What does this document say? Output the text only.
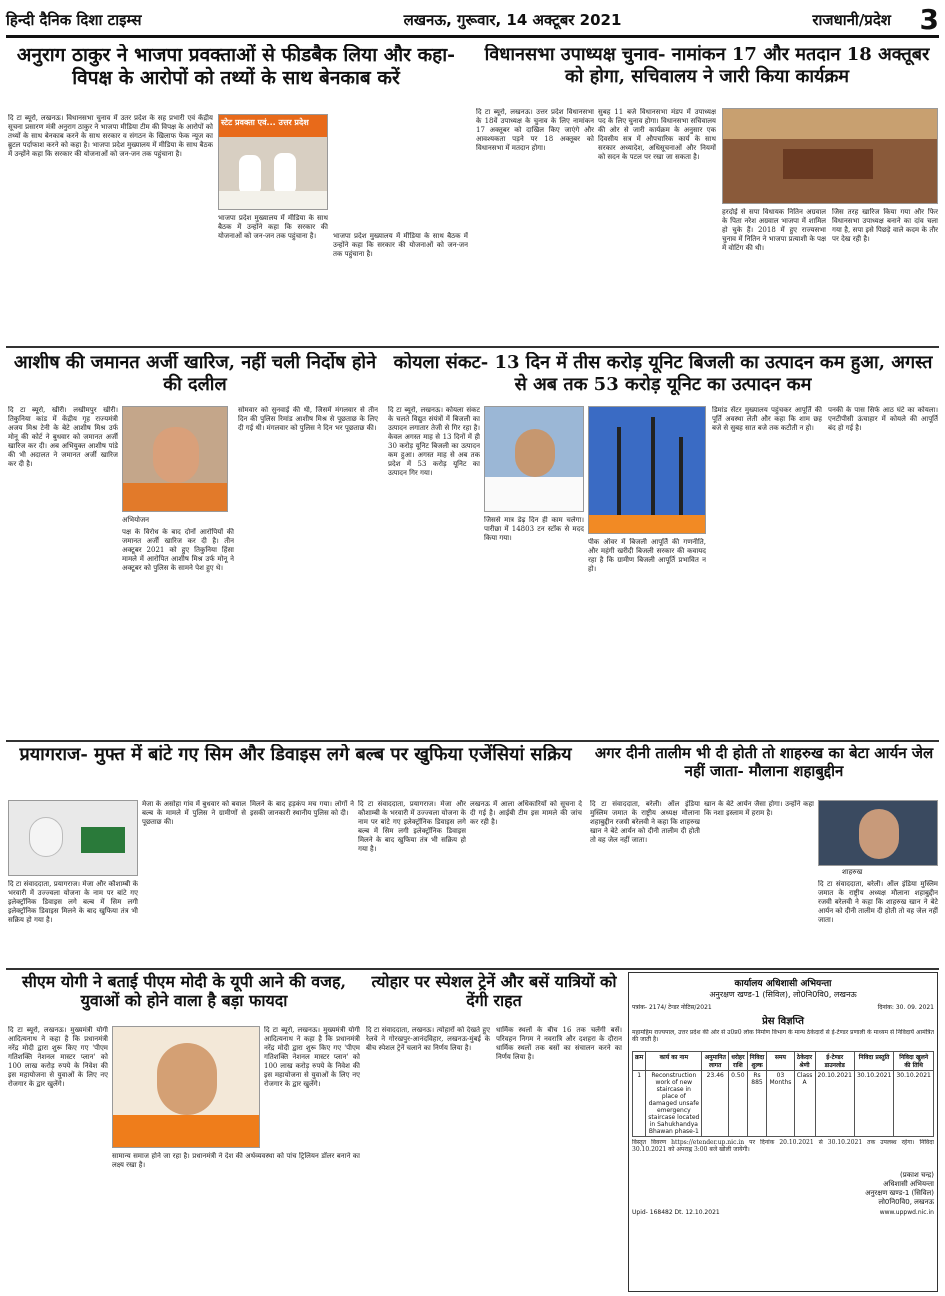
हिन्दी दैनिक दिशा टाइम्स	लखनऊ, गुरूवार, 14 अक्टूबर 2021	राजधानी/प्रदेश	3
अनुराग ठाकुर ने भाजपा प्रवक्ताओं से फीडबैक लिया और कहा- विपक्ष के आरोपों को तथ्यों के साथ बेनकाब करें
दि टा ब्यूरो, लखनऊ। विधानसभा चुनाव में उतर प्रदेश के सह प्रभारी एवं केंद्रीय सूचना प्रसारण मंत्री अनुराग ठाकुर ने भाजपा मीडिया टीम की विपक्ष के आरोपों को तथ्यों के साथ बेनकाब करने के साथ सरकार व संगठन के खिलाफ फेक न्यूज का ब्रुटल पर्दाफाश करने को कहा है। भाजपा प्रदेश मुख्यालय में मीडिया के साथ बैठक में उन्होंने कहा कि सरकार की योजनाओं को जन-जन तक पहुंचाना है।
स्टेट प्रवक्ता एवं... उत्तर प्रदेश
भाजपा प्रदेश मुख्यालय में मीडिया के साथ बैठक में उन्होंने कहा कि सरकार की योजनाओं को जन-जन तक पहुंचाना है।	भाजपा प्रदेश मुख्यालय में मीडिया के साथ बैठक में उन्होंने कहा कि सरकार की योजनाओं को जन-जन तक पहुंचाना है।
विधानसभा उपाध्यक्ष चुनाव- नामांकन 17 और मतदान 18 अक्तूबर को होगा, सचिवालय ने जारी किया कार्यक्रम
दि टा ब्यूरो, लखनऊ। उत्तर प्रदेश विधानसभा के 18वें उपाध्यक्ष के चुनाव के लिए नामांकन 17 अक्तूबर को दाखिल किए जाएंगे और आवश्यकता पड़ने पर 18 अक्तूबर को विधानसभा में मतदान होगा।
सुबह 11 बजे विधानसभा मंडप में उपाध्यक्ष पद के लिए चुनाव होगा। विधानसभा सचिवालय की ओर से जारी कार्यक्रम के अनुसार एक दिवसीय सत्र में औपचारिक कार्य के साथ सरकार अध्यादेश, अधिसूचनाओं और नियमों को सदन के पटल पर रखा जा सकता है।
हरदोई से सपा विधायक नितिन अग्रवाल के पिता नरेश अग्रवाल भाजपा में शामिल हो चुके हैं। 2018 में हुए राज्यसभा चुनाव में नितिन ने भाजपा प्रत्याशी के पक्ष में वोटिंग की थी।
जिस तरह खारिज किया गया और फिर विधानसभा उपाध्यक्ष बनाने का दांव चला गया है, सपा इसे पिछड़े वाले कदम के तौर पर देख रही है।
आशीष की जमानत अर्जी खारिज, नहीं चली निर्दोष होने की दलील
दि टा ब्यूरो, खीरी। लखीमपुर खीरी। तिकुनिया कांड में केंद्रीय गृह राज्यमंत्री अजय मिश्र टेनी के बेटे आशीष मिश्र उर्फ मोनू की कोर्ट ने बुधवार को जमानत अर्जी खारिज कर दी। अब अभियुक्त आशीष पांडे की भी अदालत ने जमानत अर्जी खारिज कर दी है।
अभियोजन
पक्ष के विरोध के बाद दोनों आरोपियों की जमानत अर्जी खारिज कर दी है। तीन अक्टूबर 2021 को हुए तिकुनिया हिंसा मामले में आरोपित आशीष मिश्र उर्फ मोनू ने अक्टूबर को पुलिस के सामने पेश हुए थे।
सोमवार को सुनवाई की थी, जिसमें मंगलवार से तीन दिन की पुलिस रिमांड आशीष मिश्र से पूछताछ के लिए दी गई थी। मंगलवार को पुलिस ने दिन भर पूछताछ की।
कोयला संकट- 13 दिन में तीस करोड़ यूनिट बिजली का उत्पादन कम हुआ, अगस्त से अब तक 53 करोड़ यूनिट का उत्पादन कम
दि टा ब्यूरो, लखनऊ। कोयला संकट के चलते विद्युत संयंत्रों में बिजली का उत्पादन लगातार तेजी से गिर रहा है। केवल अगस्त माह से 13 दिनों में ही 30 करोड़ यूनिट बिजली का उत्पादन कम हुआ। अगस्त माह से अब तक प्रदेश में 53 करोड़ यूनिट का उत्पादन गिर गया।
जिससे मात्र डेढ़ दिन ही काम चलेगा। पारीछा में 14803 टन स्टॉक से मदद किया गया।	पीक ऑवर में बिजली आपूर्ति की गणनीति, और महंगी खरीदी बिजली सरकार की कवायद रहा है कि ग्रामीण बिजली आपूर्ति प्रभावित न हो।
डिमांड सेंटर मुख्यालय पहुंचकर आपूर्ति की पूर्ति अवस्था लेती और कहा कि शाम छह बजे से सुबह सात बजे तक कटौती न हो।
पनकी के पास सिर्फ आठ घंटे का कोयला। एनटीपीसी ऊंचाहार में कोयले की आपूर्ति बंद हो गई है।
प्रयागराज- मुफ्त में बांटे गए सिम और डिवाइस लगे बल्ब पर खुफिया एजेंसियां सक्रिय
दि टा संवाददाता, प्रयागराज। मेजा और कौशाम्बी के भरवारी में उज्ज्वला योजना के नाम पर बांटे गए इलेक्ट्रॉनिक डिवाइस लगे बल्ब में सिम लगी इलेक्ट्रॉनिक डिवाइस मिलने के बाद खुफिया तंत्र भी सक्रिय हो गया है।
मेजा के असोहा गांव में बुधवार को बवाल बल्ब के मामले में पुलिस ने ग्रामीणों से पूछताछ की।
मिलने के बाद हड़कंप मच गया। लोगों ने इसकी जानकारी स्थानीय पुलिस को दी।
दि टा संवाददाता, प्रयागराज। मेजा और कौशाम्बी के भरवारी में उज्ज्वला योजना के नाम पर बांटे गए इलेक्ट्रॉनिक डिवाइस लगे बल्ब में सिम लगी इलेक्ट्रॉनिक डिवाइस मिलने के बाद खुफिया तंत्र भी सक्रिय हो गया है।
लखनऊ में आला अधिकारियों को सूचना दे दी गई है। आईबी टीम इस मामले की जांच कर रही है।
अगर दीनी तालीम भी दी होती तो शाहरुख का बेटा आर्यन जेल नहीं जाता- मौलाना शहाबुद्दीन
दि टा संवाददाता, बरेली। ऑल इंडिया मुस्लिम जमात के राष्ट्रीय अध्यक्ष मौलाना शहाबुद्दीन रजवी बरेलवी ने कहा कि शाहरुख खान ने बेटे आर्यन को दीनी तालीम दी होती तो वह जेल नहीं जाता।
खान के बेटे आर्यन जैसा होगा। उन्होंने कहा कि नशा इस्लाम में हराम है।
शाहरुख
दि टा संवाददाता, बरेली। ऑल इंडिया मुस्लिम जमात के राष्ट्रीय अध्यक्ष मौलाना शहाबुद्दीन रजवी बरेलवी ने कहा कि शाहरुख खान ने बेटे आर्यन को दीनी तालीम दी होती तो वह जेल नहीं जाता।
सीएम योगी ने बताई पीएम मोदी के यूपी आने की वजह, युवाओं को होने वाला है बड़ा फायदा
दि टा ब्यूरो, लखनऊ। मुख्यमंत्री योगी आदित्यनाथ ने कहा है कि प्रधानमंत्री नरेंद्र मोदी द्वारा शुरू किए गए 'पीएम गतिशक्ति नेशनल मास्टर प्लान' को 100 लाख करोड़ रुपये के निवेश की इस महायोजना से युवाओं के लिए नए रोजगार के द्वार खुलेंगे।
सामान्य समाज होने जा रहा है। प्रधानमंत्री ने देश की अर्थव्यवस्था को पांच ट्रिलियन डॉलर बनाने का लक्ष्य रखा है।
दि टा ब्यूरो, लखनऊ। मुख्यमंत्री योगी आदित्यनाथ ने कहा है कि प्रधानमंत्री नरेंद्र मोदी द्वारा शुरू किए गए 'पीएम गतिशक्ति नेशनल मास्टर प्लान' को 100 लाख करोड़ रुपये के निवेश की इस महायोजना से युवाओं के लिए नए रोजगार के द्वार खुलेंगे।
त्योहार पर स्पेशल ट्रेनें और बसें यात्रियों को देंगी राहत
दि टा संवाददाता, लखनऊ। त्योहारों को देखते हुए रेलवे ने गोरखपुर-आनंदविहार, लखनऊ-मुंबई के बीच स्पेशल ट्रेनें चलाने का निर्णय लिया है।
धार्मिक स्थलों के बीच 16 तक चलेंगी बसें। परिवहन निगम ने नवरात्रि और दशहरा के दौरान धार्मिक स्थलों तक बसों का संचालन करने का निर्णय लिया है।
कार्यालय अधिशासी अभियन्ता
अनुरक्षण खण्ड-1 (सिविल), लो0नि0वि0, लखनऊ
पत्रांक- 2174/ टेन्डर नोटिस/2021	दिनांक: 30. 09. 2021
प्रेस विज्ञप्ति
महामहिम राज्यपाल, उत्तर प्रदेश की ओर से उ0प्र0 लोक निर्माण विभाग के मान्य ठेकेदारों से ई-टेण्डर प्रणाली के माध्यम से निविदायें आमंत्रित की जाती है।
क्रम	कार्य का नाम	अनुमानित लागत	धरोहर राशि	निविदा शुल्क	समय	ठेकेदार श्रेणी	ई-टेण्डर डाउनलोड	निविदा प्रस्तुति	निविदा खुलने की तिथि
1	Reconstruction work of new staircase in place of damaged unsafe emergency staircase located in Sahukhandya Bhawan phase-1	23.46	0.50	Rs 885	03 Months	Class A	20.10.2021	30.10.2021	30.10.2021
विस्तृत विवरण https://etender.up.nic.in पर दिनांक 20.10.2021 से 30.10.2021 तक उपलब्ध रहेगा। निविदा 30.10.2021 को अपराह्न 3:00 बजे खोली जायेगी।
(प्रकाश चन्द्र)
अधिशासी अभियन्ता
अनुरक्षण खण्ड-1 (सिविल)
लो0नि0वि0, लखनऊ
Upid- 168482 Dt. 12.10.2021	www.uppwd.nic.in
